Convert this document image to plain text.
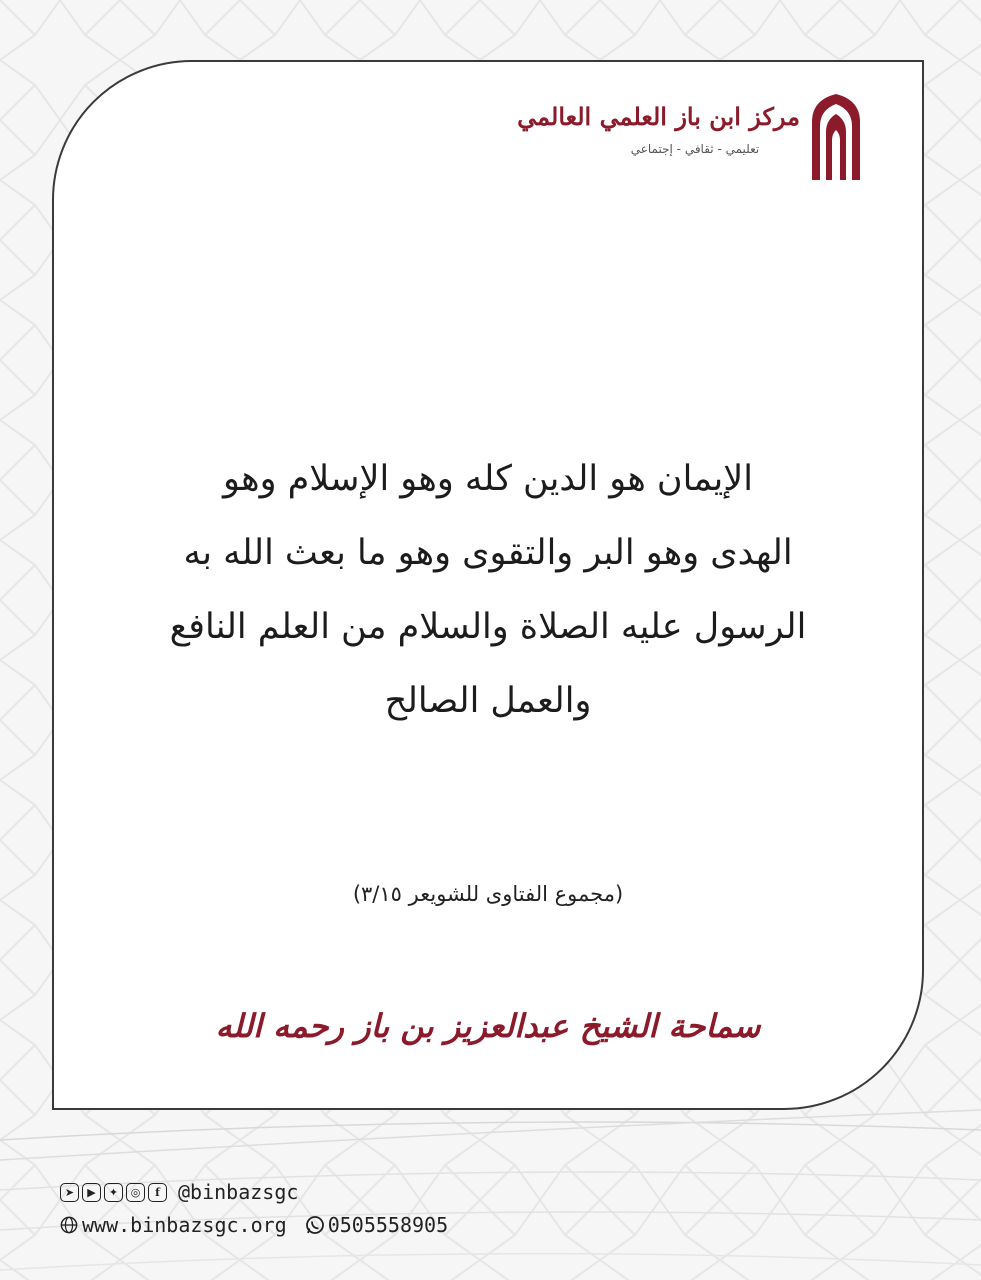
مركز ابن باز العلمي العالمي
تعليمي - ثقافي - إجتماعي
الإيمان هو الدين كله وهو الإسلام وهو
الهدى وهو البر والتقوى وهو ما بعث الله به
الرسول عليه الصلاة والسلام من العلم النافع
والعمل الصالح
(مجموع الفتاوى للشويعر ٣/١٥)
سماحة الشيخ عبدالعزيز بن باز رحمه الله
➤	▶	✦	◎	f @binbazsgc
www.binbazsgc.org 0505558905
